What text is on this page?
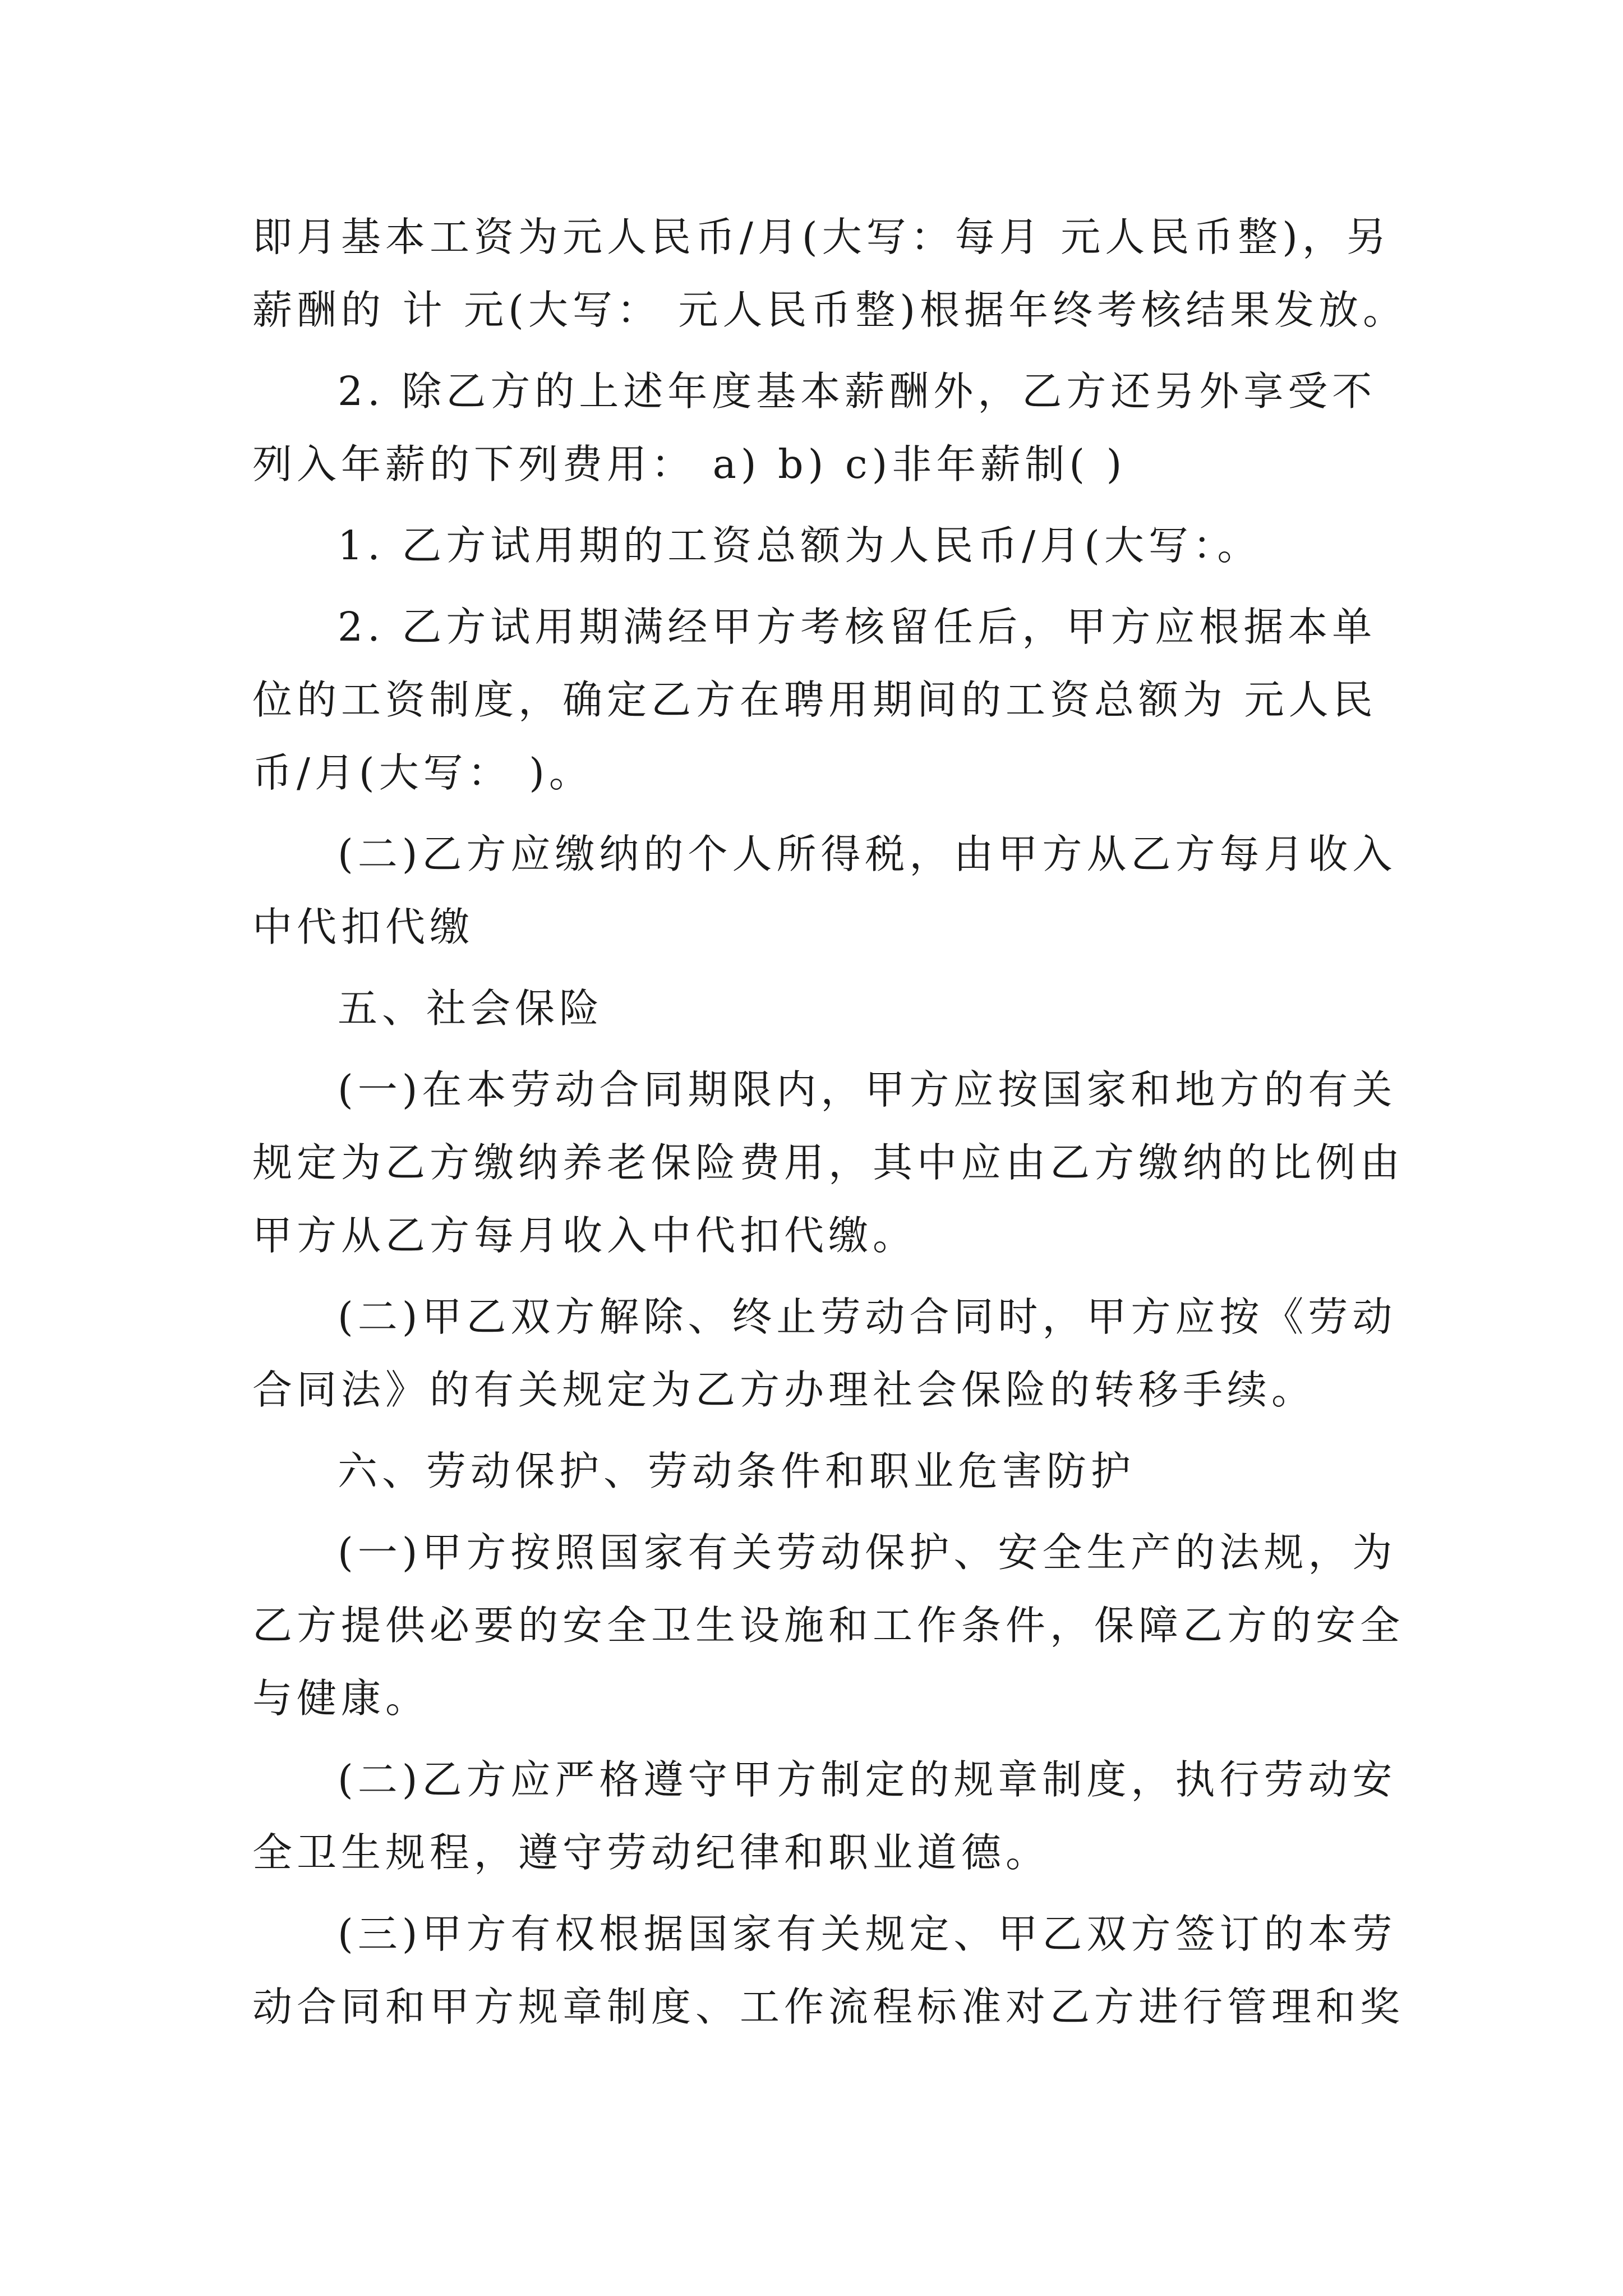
即月基本工资为元人民币/月(大写：每月 元人民币整)，另
薪酬的 计 元(大写： 元人民币整)根据年终考核结果发放。
2. 除乙方的上述年度基本薪酬外，乙方还另外享受不
列入年薪的下列费用： a) b) c)非年薪制( )
1. 乙方试用期的工资总额为人民币/月(大写：。
2. 乙方试用期满经甲方考核留任后，甲方应根据本单
位的工资制度，确定乙方在聘用期间的工资总额为 元人民
币/月(大写： )。
(二)乙方应缴纳的个人所得税，由甲方从乙方每月收入
中代扣代缴
五、社会保险
(一)在本劳动合同期限内，甲方应按国家和地方的有关
规定为乙方缴纳养老保险费用，其中应由乙方缴纳的比例由
甲方从乙方每月收入中代扣代缴。
(二)甲乙双方解除、终止劳动合同时，甲方应按《劳动
合同法》的有关规定为乙方办理社会保险的转移手续。
六、劳动保护、劳动条件和职业危害防护
(一)甲方按照国家有关劳动保护、安全生产的法规，为
乙方提供必要的安全卫生设施和工作条件，保障乙方的安全
与健康。
(二)乙方应严格遵守甲方制定的规章制度，执行劳动安
全卫生规程，遵守劳动纪律和职业道德。
(三)甲方有权根据国家有关规定、甲乙双方签订的本劳
动合同和甲方规章制度、工作流程标准对乙方进行管理和奖
